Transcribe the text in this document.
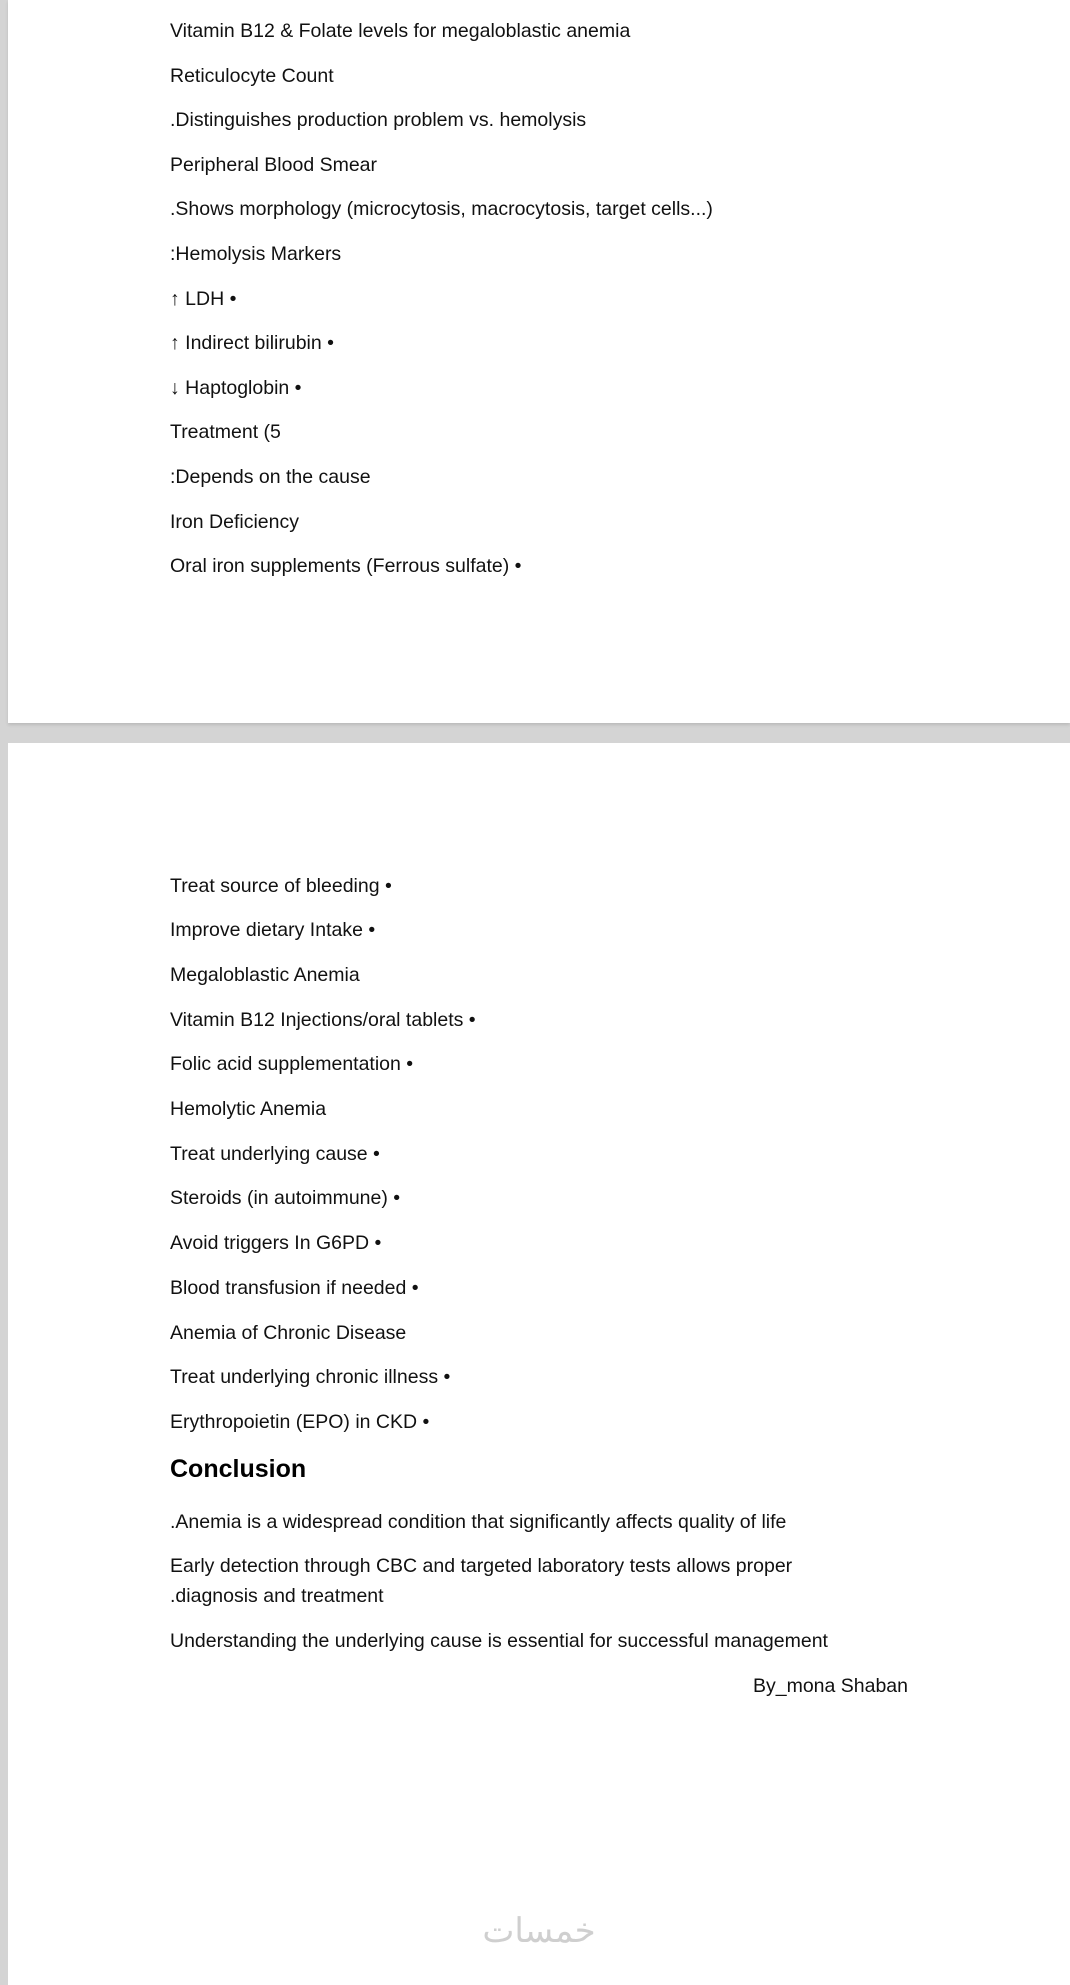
Vitamin B12 & Folate levels for megaloblastic anemia

Reticulocyte Count

.Distinguishes production problem vs. hemolysis

Peripheral Blood Smear

.Shows morphology (microcytosis, macrocytosis, target cells...)

:Hemolysis Markers

↑ LDH •

↑ Indirect bilirubin •

↓ Haptoglobin •

Treatment (5

:Depends on the cause

Iron Deficiency

Oral iron supplements (Ferrous sulfate) •

Treat source of bleeding •

Improve dietary Intake •

Megaloblastic Anemia

Vitamin B12 Injections/oral tablets •

Folic acid supplementation •

Hemolytic Anemia

Treat underlying cause •

Steroids (in autoimmune) •

Avoid triggers In G6PD •

Blood transfusion if needed •

Anemia of Chronic Disease

Treat underlying chronic illness •

Erythropoietin (EPO) in CKD •

Conclusion

.Anemia is a widespread condition that significantly affects quality of life

Early detection through CBC and targeted laboratory tests allows proper

.diagnosis and treatment

Understanding the underlying cause is essential for successful management

By_mona Shaban

خمسات
